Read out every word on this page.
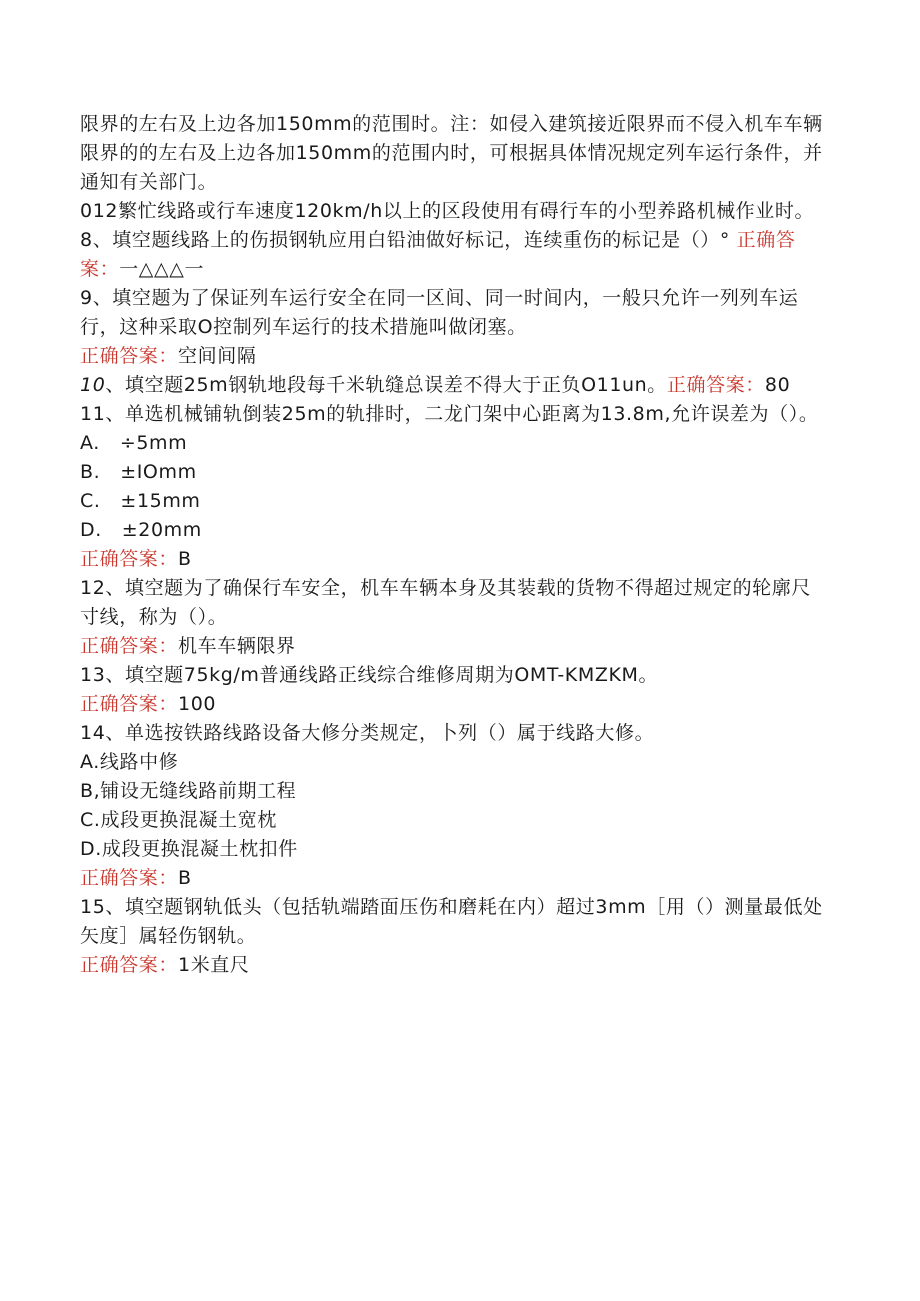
限界的左右及上边各加150mm的范围时。注：如侵入建筑接近限界而不侵入机车车辆
限界的的左右及上边各加150mm的范围内时，可根据具体情况规定列车运行条件，并
通知有关部门。
012繁忙线路或行车速度120km/h以上的区段使用有碍行车的小型养路机械作业时。
8、填空题线路上的伤损钢轨应用白铅油做好标记，连续重伤的标记是（）° 正确答
案：一△△△一
9、填空题为了保证列车运行安全在同一区间、同一时间内，一般只允许一列列车运
行，这种采取O控制列车运行的技术措施叫做闭塞。
正确答案：空间间隔
10、填空题25m钢轨地段每千米轨缝总误差不得大于正负O11un。正确答案：80
11、单选机械铺轨倒装25m的轨排时，二龙门架中心距离为13.8m,允许误差为（）。
A.   ÷5mm
B.   ±IOmm
C.   ±15mm
D.   ±20mm
正确答案：B
12、填空题为了确保行车安全，机车车辆本身及其装载的货物不得超过规定的轮廓尺
寸线，称为（）。
正确答案：机车车辆限界
13、填空题75kg/m普通线路正线综合维修周期为OMT-KMZKM。
正确答案：100
14、单选按铁路线路设备大修分类规定，卜列（）属于线路大修。
A.线路中修
B,铺设无缝线路前期工程
C.成段更换混凝土宽枕
D.成段更换混凝土枕扣件
正确答案：B
15、填空题钢轨低头（包括轨端踏面压伤和磨耗在内）超过3mm［用（）测量最低处
矢度］属轻伤钢轨。
正确答案：1米直尺
